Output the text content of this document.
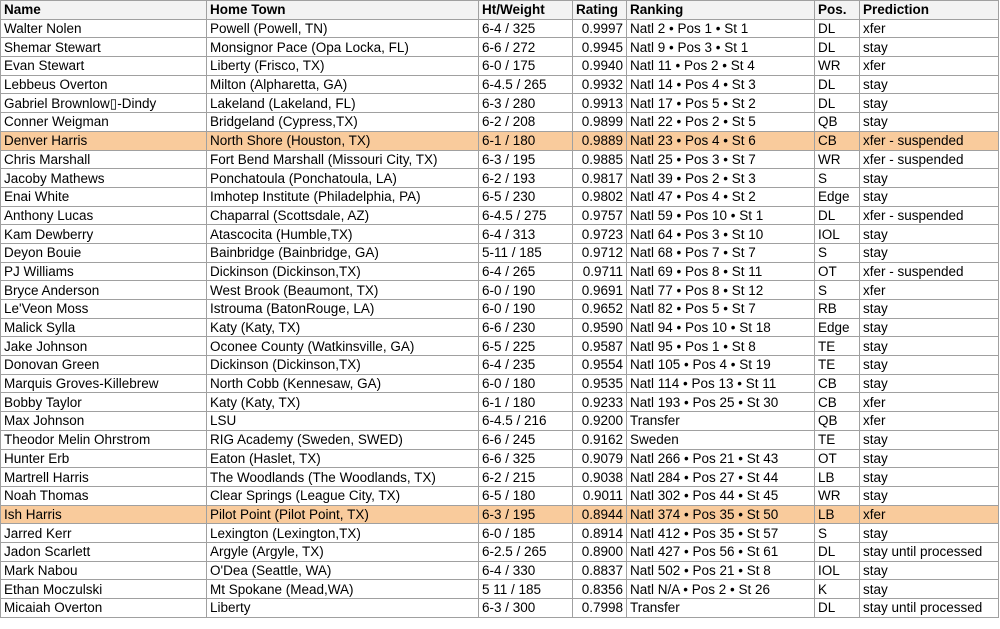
Name	Home Town	Ht/Weight	Rating	Ranking	Pos.	Prediction
Walter Nolen	Powell (Powell, TN)	6-4 / 325	0.9997	Natl 2 • Pos 1 • St 1	DL	xfer
Shemar Stewart	Monsignor Pace (Opa Locka, FL)	6-6 / 272	0.9945	Natl 9 • Pos 3 • St 1	DL	stay
Evan Stewart	Liberty (Frisco, TX)	6-0 / 175	0.9940	Natl 11 • Pos 2 • St 4	WR	xfer
Lebbeus Overton	Milton (Alpharetta, GA)	6-4.5 / 265	0.9932	Natl 14 • Pos 4 • St 3	DL	stay
Gabriel Brownlow▯-Dindy	Lakeland (Lakeland, FL)	6-3 / 280	0.9913	Natl 17 • Pos 5 • St 2	DL	stay
Conner Weigman	Bridgeland (Cypress,TX)	6-2 / 208	0.9899	Natl 22 • Pos 2 • St 5	QB	stay
Denver Harris	North Shore (Houston, TX)	6-1 / 180	0.9889	Natl 23 • Pos 4 • St 6	CB	xfer - suspended
Chris Marshall	Fort Bend Marshall (Missouri City, TX)	6-3 / 195	0.9885	Natl 25 • Pos 3 • St 7	WR	xfer - suspended
Jacoby Mathews	Ponchatoula (Ponchatoula, LA)	6-2 / 193	0.9817	Natl 39 • Pos 2 • St 3	S	stay
Enai White	Imhotep Institute (Philadelphia, PA)	6-5 / 230	0.9802	Natl 47 • Pos 4 • St 2	Edge	stay
Anthony Lucas	Chaparral (Scottsdale, AZ)	6-4.5 / 275	0.9757	Natl 59 • Pos 10 • St 1	DL	xfer - suspended
Kam Dewberry	Atascocita (Humble,TX)	6-4 / 313	0.9723	Natl 64 • Pos 3 • St 10	IOL	stay
Deyon Bouie	Bainbridge (Bainbridge, GA)	5-11 / 185	0.9712	Natl 68 • Pos 7 • St 7	S	stay
PJ Williams	Dickinson (Dickinson,TX)	6-4 / 265	0.9711	Natl 69 • Pos 8 • St 11	OT	xfer - suspended
Bryce Anderson	West Brook (Beaumont, TX)	6-0 / 190	0.9691	Natl 77 • Pos 8 • St 12	S	xfer
Le'Veon Moss	Istrouma (BatonRouge, LA)	6-0 / 190	0.9652	Natl 82 • Pos 5 • St 7	RB	stay
Malick Sylla	Katy (Katy, TX)	6-6 / 230	0.9590	Natl 94 • Pos 10 • St 18	Edge	stay
Jake Johnson	Oconee County (Watkinsville, GA)	6-5 / 225	0.9587	Natl 95 • Pos 1 • St 8	TE	stay
Donovan Green	Dickinson (Dickinson,TX)	6-4 / 235	0.9554	Natl 105 • Pos 4 • St 19	TE	stay
Marquis Groves-Killebrew	North Cobb (Kennesaw, GA)	6-0 / 180	0.9535	Natl 114 • Pos 13 • St 11	CB	stay
Bobby Taylor	Katy (Katy, TX)	6-1 / 180	0.9233	Natl 193 • Pos 25 • St 30	CB	xfer
Max Johnson	LSU	6-4.5 / 216	0.9200	Transfer	QB	xfer
Theodor Melin Ohrstrom	RIG Academy (Sweden, SWED)	6-6 / 245	0.9162	Sweden	TE	stay
Hunter Erb	Eaton (Haslet, TX)	6-6 / 325	0.9079	Natl 266 • Pos 21 • St 43	OT	stay
Martrell Harris	The Woodlands (The Woodlands, TX)	6-2 / 215	0.9038	Natl 284 • Pos 27 • St 44	LB	stay
Noah Thomas	Clear Springs (League City, TX)	6-5 / 180	0.9011	Natl 302 • Pos 44 • St 45	WR	stay
Ish Harris	Pilot Point (Pilot Point, TX)	6-3 / 195	0.8944	Natl 374 • Pos 35 • St 50	LB	xfer
Jarred Kerr	Lexington (Lexington,TX)	6-0 / 185	0.8914	Natl 412 • Pos 35 • St 57	S	stay
Jadon Scarlett	Argyle (Argyle, TX)	6-2.5 / 265	0.8900	Natl 427 • Pos 56 • St 61	DL	stay until processed
Mark Nabou	O'Dea (Seattle, WA)	6-4 / 330	0.8837	Natl 502 • Pos 21 • St 8	IOL	stay
Ethan Moczulski	Mt Spokane (Mead,WA)	5 11 / 185	0.8356	Natl N/A • Pos 2 • St 26	K	stay
Micaiah Overton	Liberty	6-3 / 300	0.7998	Transfer	DL	stay until processed
